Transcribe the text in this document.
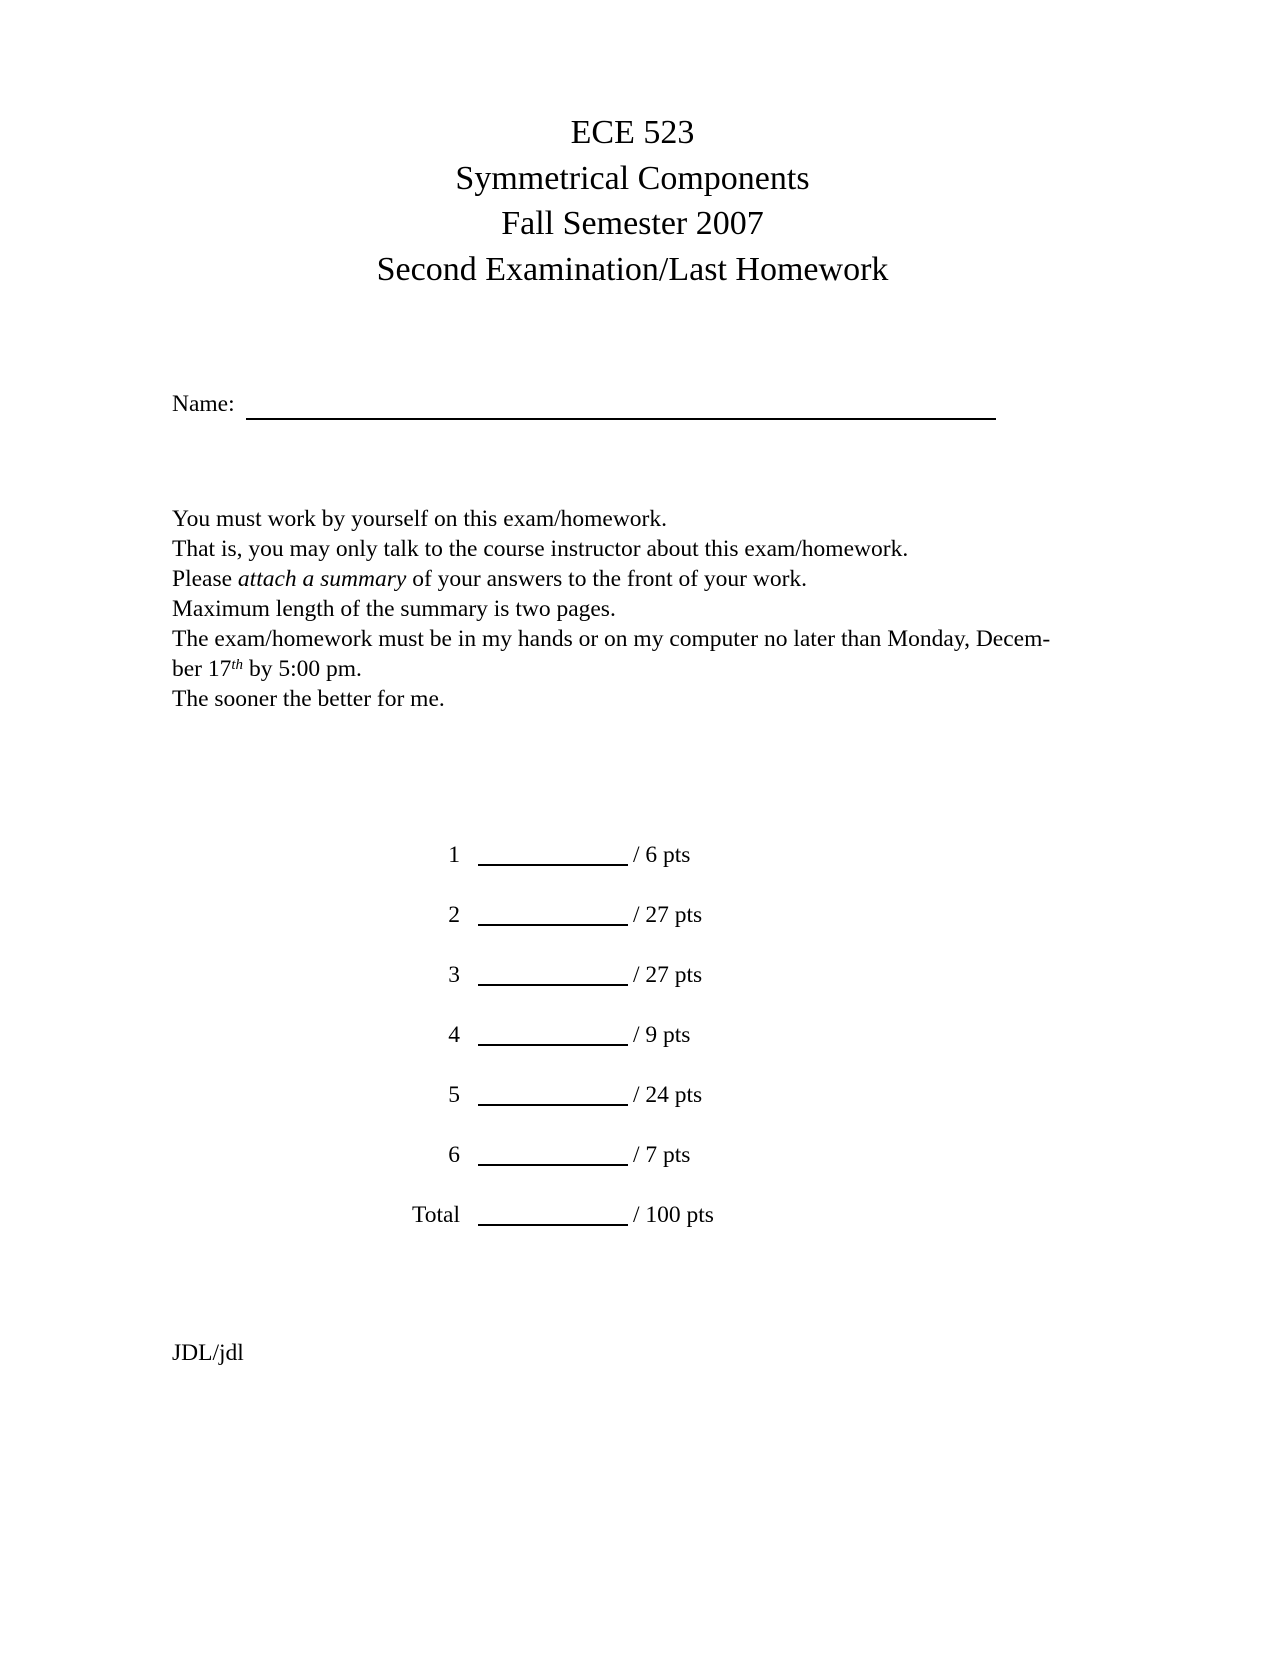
ECE 523
Symmetrical Components
Fall Semester 2007
Second Examination/Last Homework
Name:
You must work by yourself on this exam/homework.
That is, you may only talk to the course instructor about this exam/homework.
Please attach a summary of your answers to the front of your work.
Maximum length of the summary is two pages.
The exam/homework must be in my hands or on my computer no later than Monday, Decem-
ber 17th by 5:00 pm.
The sooner the better for me.
1	/ 6 pts
2	/ 27 pts
3	/ 27 pts
4	/ 9 pts
5	/ 24 pts
6	/ 7 pts
Total	/ 100 pts
JDL/jdl
